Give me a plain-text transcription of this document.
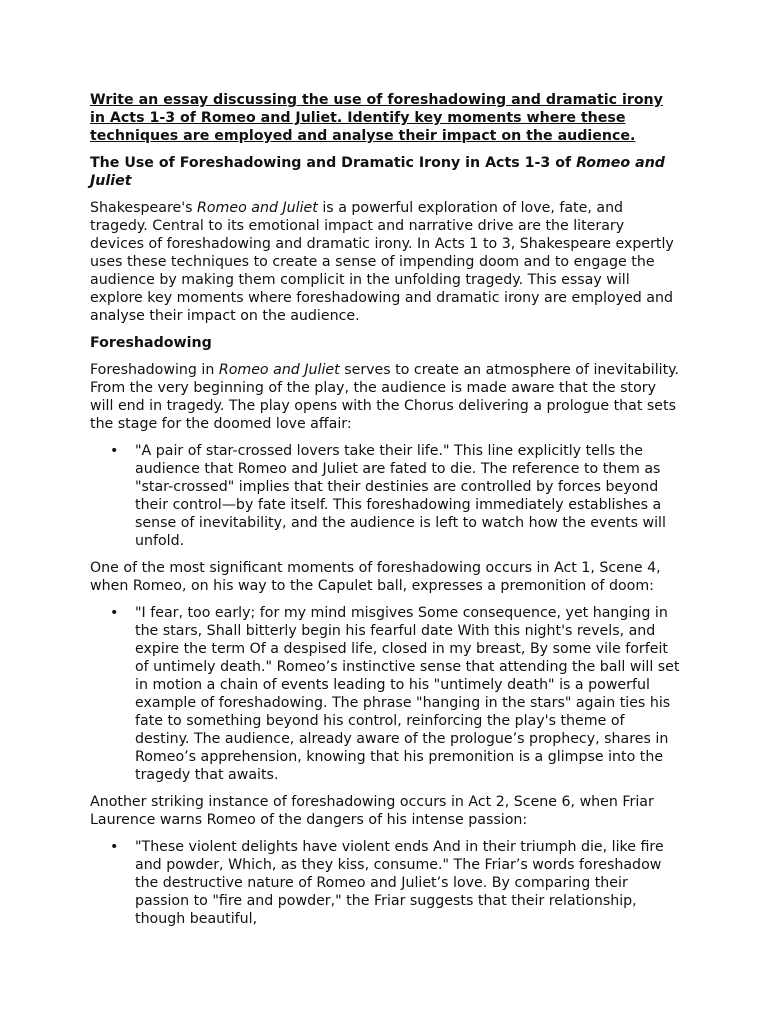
Write an essay discussing the use of foreshadowing and dramatic irony in Acts 1-3 of Romeo and Juliet. Identify key moments where these techniques are employed and analyse their impact on the audience.
The Use of Foreshadowing and Dramatic Irony in Acts 1-3 of Romeo and Juliet

Shakespeare's Romeo and Juliet is a powerful exploration of love, fate, and tragedy. Central to its emotional impact and narrative drive are the literary devices of foreshadowing and dramatic irony. In Acts 1 to 3, Shakespeare expertly uses these techniques to create a sense of impending doom and to engage the audience by making them complicit in the unfolding tragedy. This essay will explore key moments where foreshadowing and dramatic irony are employed and analyse their impact on the audience.

Foreshadowing

Foreshadowing in Romeo and Juliet serves to create an atmosphere of inevitability. From the very beginning of the play, the audience is made aware that the story will end in tragedy. The play opens with the Chorus delivering a prologue that sets the stage for the doomed love affair:

• "A pair of star-crossed lovers take their life." This line explicitly tells the audience that Romeo and Juliet are fated to die. The reference to them as "star-crossed" implies that their destinies are controlled by forces beyond their control—by fate itself. This foreshadowing immediately establishes a sense of inevitability, and the audience is left to watch how the events will unfold.

One of the most significant moments of foreshadowing occurs in Act 1, Scene 4, when Romeo, on his way to the Capulet ball, expresses a premonition of doom:

• "I fear, too early; for my mind misgives Some consequence, yet hanging in the stars, Shall bitterly begin his fearful date With this night's revels, and expire the term Of a despised life, closed in my breast, By some vile forfeit of untimely death." Romeo’s instinctive sense that attending the ball will set in motion a chain of events leading to his "untimely death" is a powerful example of foreshadowing. The phrase "hanging in the stars" again ties his fate to something beyond his control, reinforcing the play's theme of destiny. The audience, already aware of the prologue’s prophecy, shares in Romeo’s apprehension, knowing that his premonition is a glimpse into the tragedy that awaits.

Another striking instance of foreshadowing occurs in Act 2, Scene 6, when Friar Laurence warns Romeo of the dangers of his intense passion:

• "These violent delights have violent ends And in their triumph die, like fire and powder, Which, as they kiss, consume." The Friar’s words foreshadow the destructive nature of Romeo and Juliet’s love. By comparing their passion to "fire and powder," the Friar suggests that their relationship, though beautiful,
